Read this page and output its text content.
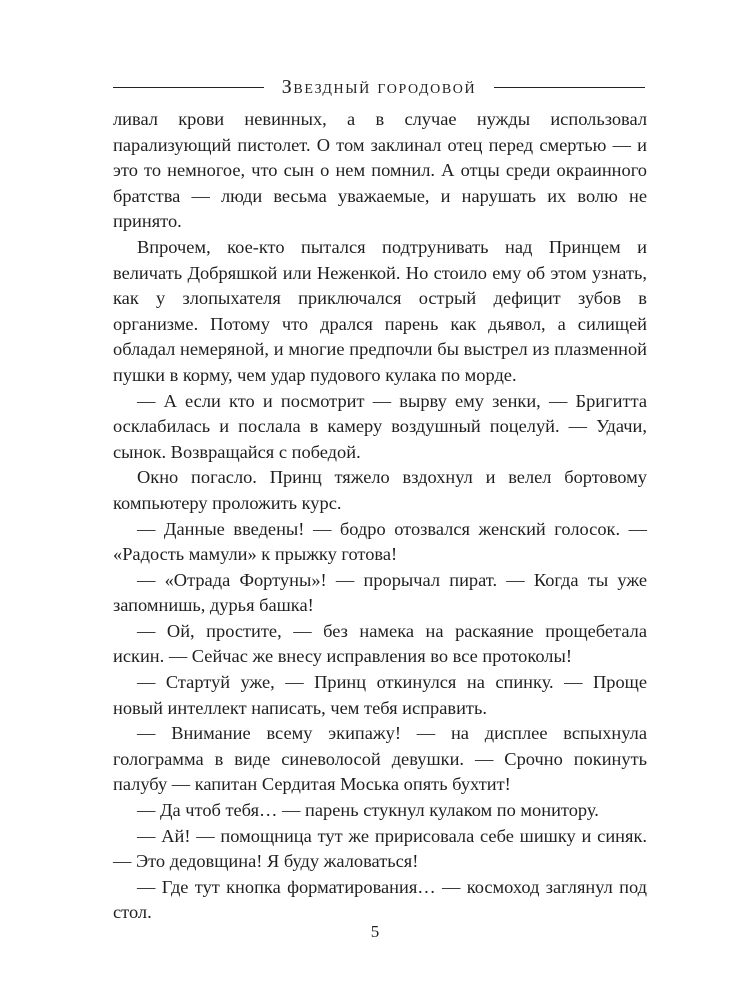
Звездный городовой

ливал крови невинных, а в случае нужды использовал парализующий пистолет. О том заклинал отец перед смертью — и это то немногое, что сын о нем помнил. А отцы среди окраинного братства — люди весьма уважаемые, и нарушать их волю не принято.

Впрочем, кое-кто пытался подтрунивать над Принцем и величать Добряшкой или Неженкой. Но стоило ему об этом узнать, как у злопыхателя приключался острый дефицит зубов в организме. Потому что дрался парень как дьявол, а силищей обладал немеряной, и многие предпочли бы выстрел из плазменной пушки в корму, чем удар пудового кулака по морде.

— А если кто и посмотрит — вырву ему зенки, — Бригитта осклабилась и послала в камеру воздушный поцелуй. — Удачи, сынок. Возвращайся с победой.

Окно погасло. Принц тяжело вздохнул и велел бортовому компьютеру проложить курс.

— Данные введены! — бодро отозвался женский голосок. — «Радость мамули» к прыжку готова!

— «Отрада Фортуны»! — прорычал пират. — Когда ты уже запомнишь, дурья башка!

— Ой, простите, — без намека на раскаяние прощебетала искин. — Сейчас же внесу исправления во все протоколы!

— Стартуй уже, — Принц откинулся на спинку. — Проще новый интеллект написать, чем тебя исправить.

— Внимание всему экипажу! — на дисплее вспыхнула голограмма в виде синеволосой девушки. — Срочно покинуть палубу — капитан Сердитая Моська опять бухтит!

— Да чтоб тебя… — парень стукнул кулаком по монитору.

— Ай! — помощница тут же пририсовала себе шишку и синяк. — Это дедовщина! Я буду жаловаться!

— Где тут кнопка форматирования… — космоход заглянул под стол.

5
